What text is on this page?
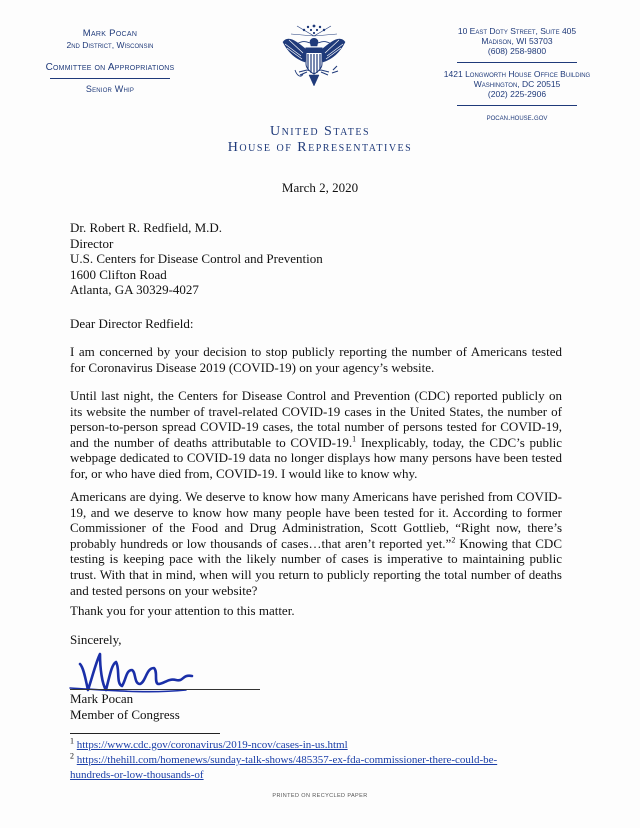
Mark Pocan
2nd District, Wisconsin
Committee on Appropriations
Senior Whip
10 East Doty Street, Suite 405
Madison, WI 53703
(608) 258-9800
1421 Longworth House Office Building
Washington, DC 20515
(202) 225-2906
pocan.house.gov
United States
House of Representatives
March 2, 2020
Dr. Robert R. Redfield, M.D.
Director
U.S. Centers for Disease Control and Prevention
1600 Clifton Road
Atlanta, GA 30329-4027
Dear Director Redfield:
I am concerned by your decision to stop publicly reporting the number of Americans tested for Coronavirus Disease 2019 (COVID-19) on your agency’s website.
Until last night, the Centers for Disease Control and Prevention (CDC) reported publicly on its website the number of travel-related COVID-19 cases in the United States, the number of person-to-person spread COVID-19 cases, the total number of persons tested for COVID-19, and the number of deaths attributable to COVID-19.$^1$ Inexplicably, today, the CDC’s public webpage dedicated to COVID-19 data no longer displays how many persons have been tested for, or who have died from, COVID-19. I would like to know why.
Americans are dying. We deserve to know how many Americans have perished from COVID-19, and we deserve to know how many people have been tested for it. According to former Commissioner of the Food and Drug Administration, Scott Gottlieb, “Right now, there’s probably hundreds or low thousands of cases…that aren’t reported yet.”$^2$ Knowing that CDC testing is keeping pace with the likely number of cases is imperative to maintaining public trust. With that in mind, when will you return to publicly reporting the total number of deaths and tested persons on your website?
Thank you for your attention to this matter.
Sincerely,
Mark Pocan
Member of Congress
$^1$ https://www.cdc.gov/coronavirus/2019-ncov/cases-in-us.html
$^2$ https://thehill.com/homenews/sunday-talk-shows/485357-ex-fda-commissioner-there-could-be-hundreds-or-low-thousands-of
PRINTED ON RECYCLED PAPER
